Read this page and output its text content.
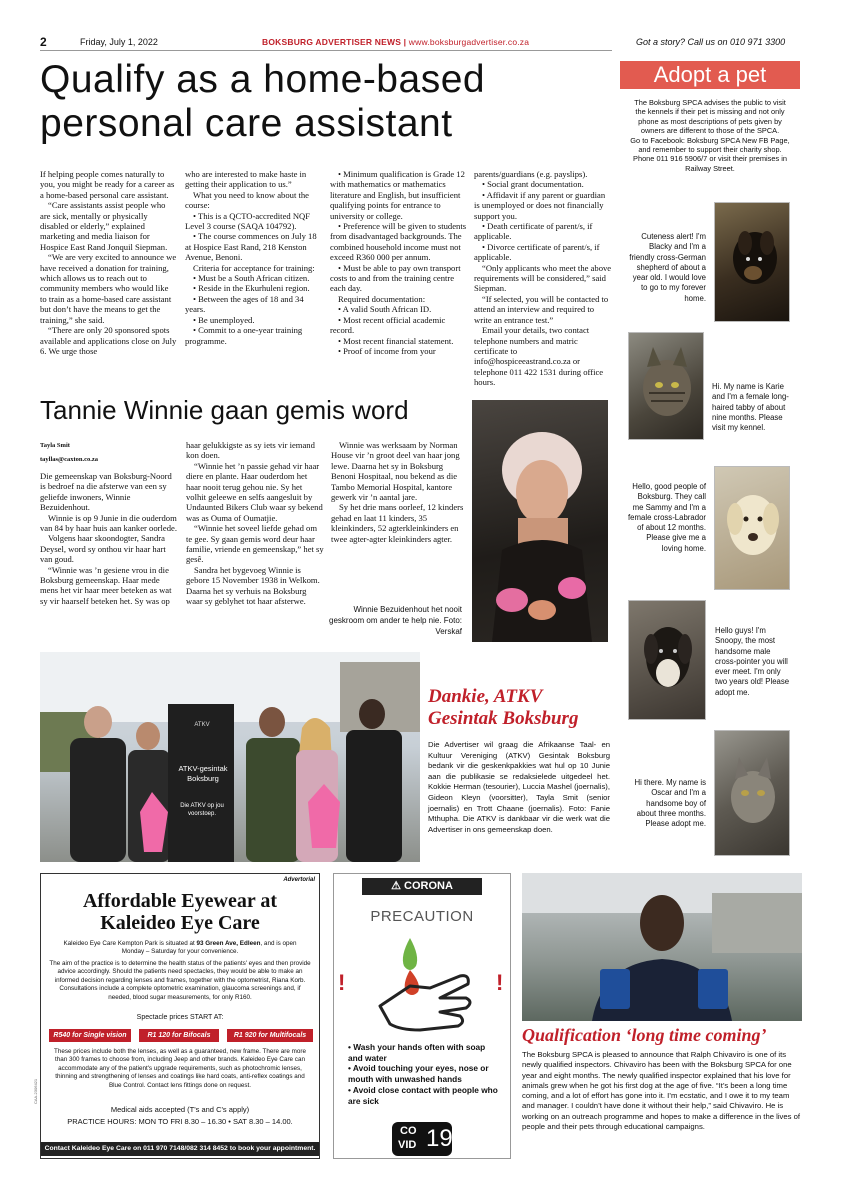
2	Friday, July 1, 2022	BOKSBURG ADVERTISER NEWS | www.boksburgadvertiser.co.za	Got a story? Call us on 010 971 3300
Qualify as a home-based
personal care assistant

If helping people comes naturally to you, you might be ready for a career as a home-based personal care assistant.

“Care assistants assist people who are sick, mentally or physically disabled or elderly,” explained marketing and media liaison for Hospice East Rand Jonquil Siepman.

“We are very excited to announce we have received a donation for training, which allows us to reach out to community members who would like to train as a home-based care assistant but don’t have the means to get the training,” she said.

“There are only 20 sponsored spots available and applications close on July 6. We urge those

who are interested to make haste in getting their application to us.”

What you need to know about the course:

• This is a QCTO-accredited NQF Level 3 course (SAQA 104792).

• The course commences on July 18 at Hospice East Rand, 218 Kenston Avenue, Benoni.

Criteria for acceptance for training:

• Must be a South African citizen.

• Reside in the Ekurhuleni region.

• Between the ages of 18 and 34 years.

• Be unemployed.

• Commit to a one-year training programme.

• Minimum qualification is Grade 12 with mathematics or mathematics literature and English, but insufficient qualifying points for entrance to university or college.

• Preference will be given to students from disadvantaged backgrounds. The combined household income must not exceed R360 000 per annum.

• Must be able to pay own transport costs to and from the training centre each day.

Required documentation:

• A valid South African ID.

• Most recent official academic record.

• Most recent financial statement.

• Proof of income from your

parents/guardians (e.g. payslips).

• Social grant documentation.

• Affidavit if any parent or guardian is unemployed or does not financially support you.

• Death certificate of parent/s, if applicable.

• Divorce certificate of parent/s, if applicable.

“Only applicants who meet the above requirements will be considered,” said Siepman.

“If selected, you will be contacted to attend an interview and required to write an entrance test.”

Email your details, two contact telephone numbers and matric certificate to info@hospiceeastrand.co.za or telephone 011 422 1531 during office hours.

Adopt a pet
The Boksburg SPCA advises the public to visit the kennels if their pet is missing and not only phone as most descriptions of pets given by owners are different to those of the SPCA.
Go to Facebook: Boksburg SPCA New FB Page, and remember to support their charity shop. Phone 011 916 5906/7 or visit their premises in Railway Street.
Cuteness alert! I'm Blacky and I'm a friendly cross-German shepherd of about a year old. I would love to go to my forever home.
Hi. My name is Karie and I'm a female long-haired tabby of about nine months. Please visit my kennel.
Hello, good people of Boksburg. They call me Sammy and I'm a female cross-Labrador of about 12 months. Please give me a loving home.
Hello guys! I'm Snoopy, the most handsome male cross-pointer you will ever meet. I'm only two years old! Please adopt me.
Hi there. My name is Oscar and I'm a handsome boy of about three months. Please adopt me.
Tannie Winnie gaan gemis word
Tayla Smit
tayllas@caxton.co.za

Die gemeenskap van Boksburg-Noord is bedroef na die afsterwe van een sy geliefde inwoners, Winnie Bezuidenhout.

Winnie is op 9 Junie in die ouderdom van 84 by haar huis aan kanker oorlede.

Volgens haar skoondogter, Sandra Deysel, word sy onthou vir haar hart van goud.

“Winnie was ’n gesiene vrou in die Boksburg gemeenskap. Haar mede mens het vir haar meer beteken as wat sy vir haarself beteken het. Sy was op

haar gelukkigste as sy iets vir iemand kon doen.

“Winnie het ’n passie gehad vir haar diere en plante. Haar ouderdom het haar nooit terug gehou nie. Sy het volhit geleewe en selfs aangesluit by Undaunted Bikers Club waar sy bekend was as Ouma of Oumatjie.

“Winnie het soveel liefde gehad om te gee. Sy gaan gemis word deur haar familie, vriende en gemeenskap,” het sy gesê.

Sandra het bygevoeg Winnie is gebore 15 November 1938 in Welkom. Daarna het sy verhuis na Boksburg waar sy geblyhet tot haar afsterwe.

Winnie was werksaam by Norman House vir ’n groot deel van haar jong lewe. Daarna het sy in Boksburg Benoni Hospitaal, nou bekend as die Tambo Memorial Hospital, kantore gewerk vir ’n aantal jare.

Sy het drie mans oorleef, 12 kinders gehad en laat 11 kinders, 35 kleinkinders, 52 agterkleinkinders en twee agter-agter kleinkinders agter.

Winnie Bezuidenhout het nooit geskroom om ander te help nie. Foto: Verskaf
ATKV
ATKV-gesintak
Boksburg
Die ATKV op jou voorstoep.
Dankie, ATKV
Gesintak Boksburg
Die Advertiser wil graag die Afrikaanse Taal- en Kultuur Vereniging (ATKV) Gesintak Boksburg bedank vir die geskenkpakkies wat hul op 10 Junie aan die publikasie se redaksielede uitgedeel het. Kokkie Herman (tesourier), Luccia Mashel (joernalis), Gideon Kleyn (voorsitter), Tayla Smit (senior joernalis) en Trott Chaane (joernalis). Foto: Fanie Mthupha. Die ATKV is dankbaar vir die werk wat die Advertiser in ons gemeenskap doen.
Advertorial
Affordable Eyewear at
Kaleideo Eye Care
Kaleideo Eye Care Kempton Park is situated at 93 Green Ave, Edleen, and is open Monday – Saturday for your convenience.
The aim of the practice is to determine the health status of the patients' eyes and then provide advice accordingly. Should the patients need spectacles, they would be able to make an informed decision regarding lenses and frames, together with the optometrist, Riana Korb. Consultations include a complete optometric examination, glaucoma screenings and, if needed, blood sugar measurements, for only R160.
Spectacle prices START AT:
R540 for Single vision	R1 120 for Bifocals	R1 920 for Multifocals
These prices include both the lenses, as well as a guaranteed, new frame. There are more than 300 frames to choose from, including Jeep and other brands. Kaleideo Eye Care can accommodate any of the patient's upgrade requirements, such as photochromic lenses, thinning and strengthening of lenses and coatings like hard coats, anti-reflex coatings and Blue Control. Contact lens fittings done on request.
Medical aids accepted (T's and C's apply)
PRACTICE HOURS: MON TO FRI 8.30 – 16.30 • SAT 8.30 – 14.00.
CAA-2306421
Contact Kaleideo Eye Care on 011 970 7148/082 314 8452 to book your appointment.
⚠ CORONA
PRECAUTION
!	!
• Wash your hands often with soap and water
• Avoid touching your eyes, nose or mouth with unwashed hands
• Avoid close contact with people who are sick
CO
VID 19
Qualification ‘long time coming’
The Boksburg SPCA is pleased to announce that Ralph Chivaviro is one of its newly qualified inspectors. Chivaviro has been with the Boksburg SPCA for one year and eight months. The newly qualified inspector explained that his love for animals grew when he got his first dog at the age of five. “It’s been a long time coming, and a lot of effort has gone into it. I’m ecstatic, and I owe it to my team and manager. I couldn’t have done it without their help,” said Chivaviro. He is working on an outreach programme and hopes to make a difference in the lives of people and their pets through educational campaigns.
